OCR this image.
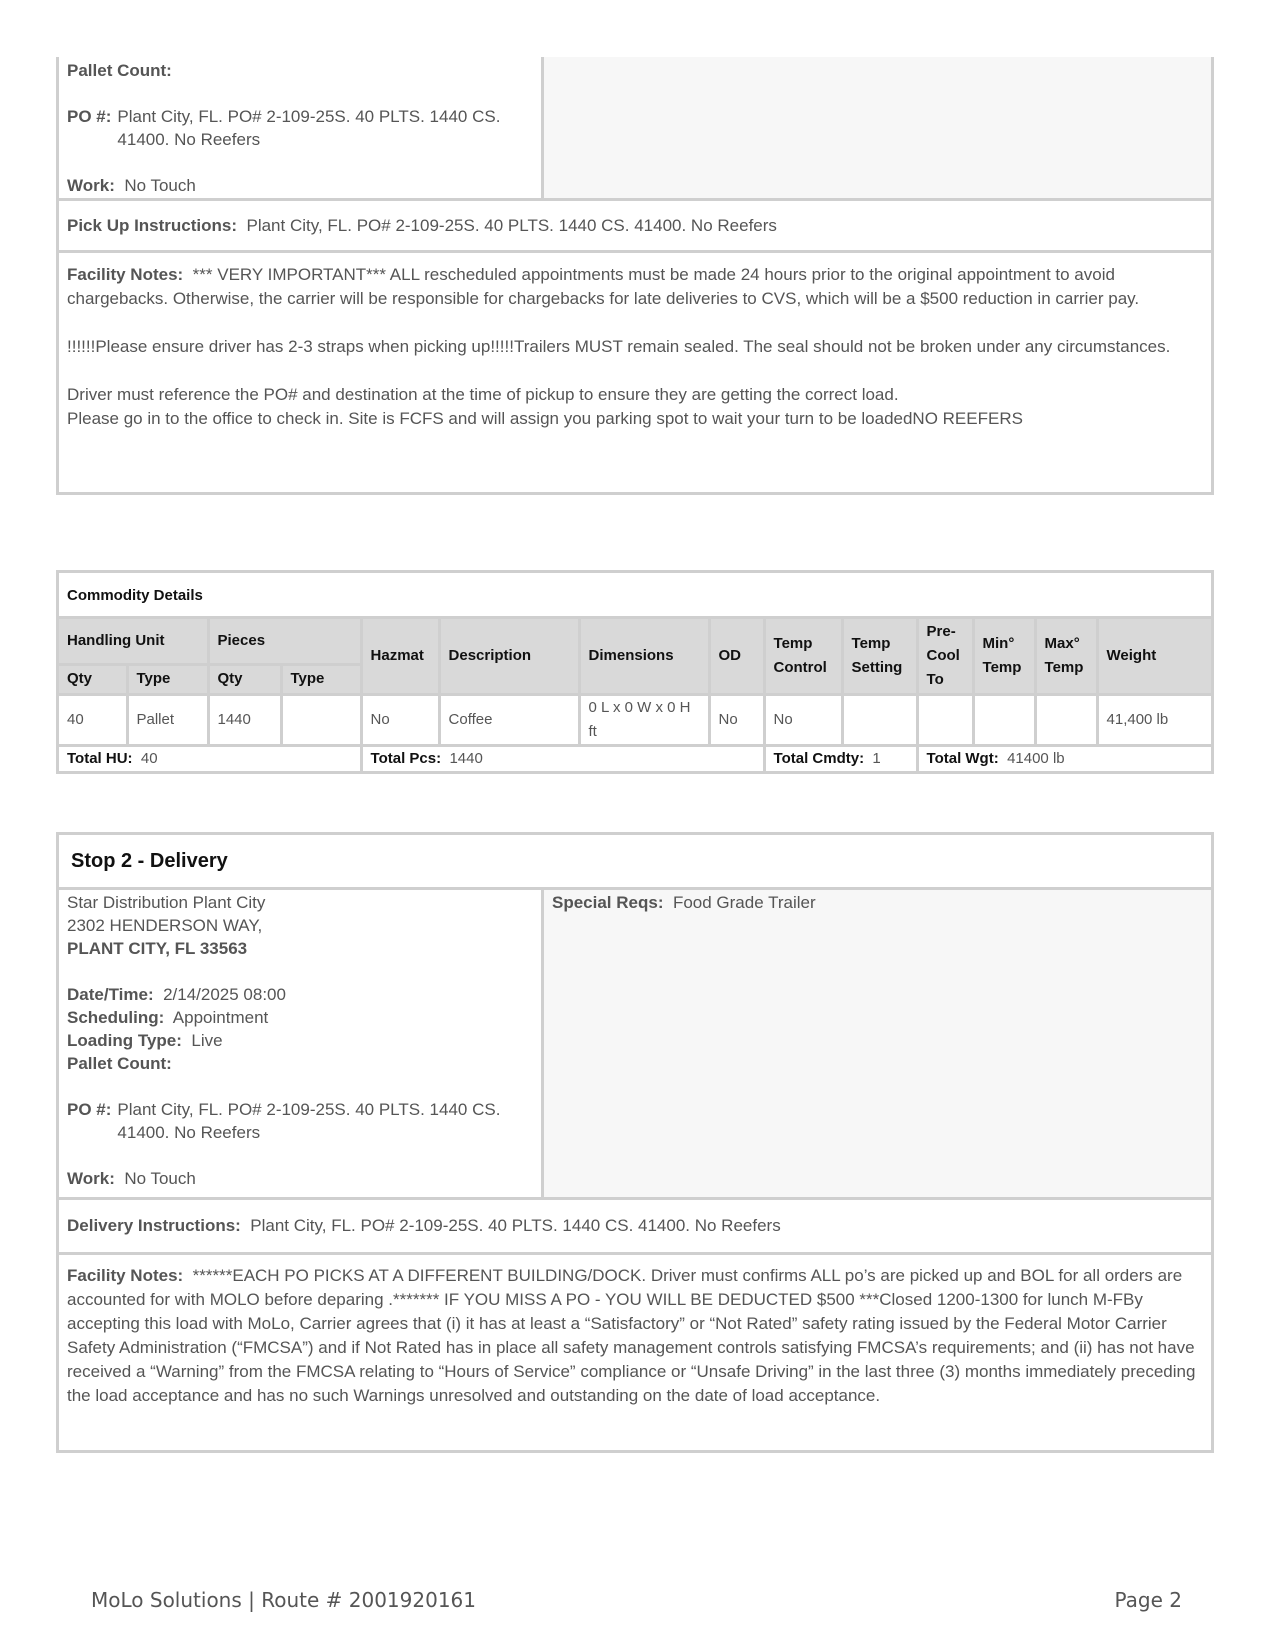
Pallet Count:

PO #: Plant City, FL. PO# 2-109-25S. 40 PLTS. 1440 CS. 41400. No Reefers

Work: No Touch

Pick Up Instructions: Plant City, FL. PO# 2-109-25S. 40 PLTS. 1440 CS. 41400. No Reefers

Facility Notes: *** VERY IMPORTANT*** ALL rescheduled appointments must be made 24 hours prior to the original appointment to avoid chargebacks. Otherwise, the carrier will be responsible for chargebacks for late deliveries to CVS, which will be a $500 reduction in carrier pay.

!!!!!!Please ensure driver has 2-3 straps when picking up!!!!!Trailers MUST remain sealed. The seal should not be broken under any circumstances.

Driver must reference the PO# and destination at the time of pickup to ensure they are getting the correct load.
Please go in to the office to check in. Site is FCFS and will assign you parking spot to wait your turn to be loadedNO REEFERS

Commodity Details
Handling Unit		Pieces		Hazmat	Description	Dimensions	OD	Temp Control	Temp Setting	Pre-Cool To	Min° Temp	Max° Temp	Weight
Qty	Type	Qty	Type										
40	Pallet	1440		No	Coffee	0 L x 0 W x 0 H ft	No	No					41,400 lb
Total HU: 40				Total Pcs: 1440				Total Cmdty: 1		Total Wgt: 41400 lb			
Stop 2 - Delivery

Star Distribution Plant City

2302 HENDERSON WAY,

PLANT CITY, FL 33563

Date/Time: 2/14/2025 08:00

Scheduling: Appointment

Loading Type: Live

Pallet Count:

PO #: Plant City, FL. PO# 2-109-25S. 40 PLTS. 1440 CS. 41400. No Reefers

Work: No Touch

Special Reqs: Food Grade Trailer

Delivery Instructions: Plant City, FL. PO# 2-109-25S. 40 PLTS. 1440 CS. 41400. No Reefers

Facility Notes: ******EACH PO PICKS AT A DIFFERENT BUILDING/DOCK. Driver must confirms ALL po’s are picked up and BOL for all orders are accounted for with MOLO before deparing .******* IF YOU MISS A PO - YOU WILL BE DEDUCTED $500 ***Closed 1200-1300 for lunch M-FBy accepting this load with MoLo, Carrier agrees that (i) it has at least a “Satisfactory” or “Not Rated” safety rating issued by the Federal Motor Carrier Safety Administration (“FMCSA”) and if Not Rated has in place all safety management controls satisfying FMCSA’s requirements; and (ii) has not have received a “Warning” from the FMCSA relating to “Hours of Service” compliance or “Unsafe Driving” in the last three (3) months immediately preceding the load acceptance and has no such Warnings unresolved and outstanding on the date of load acceptance.

MoLo Solutions | Route # 2001920161	Page 2
